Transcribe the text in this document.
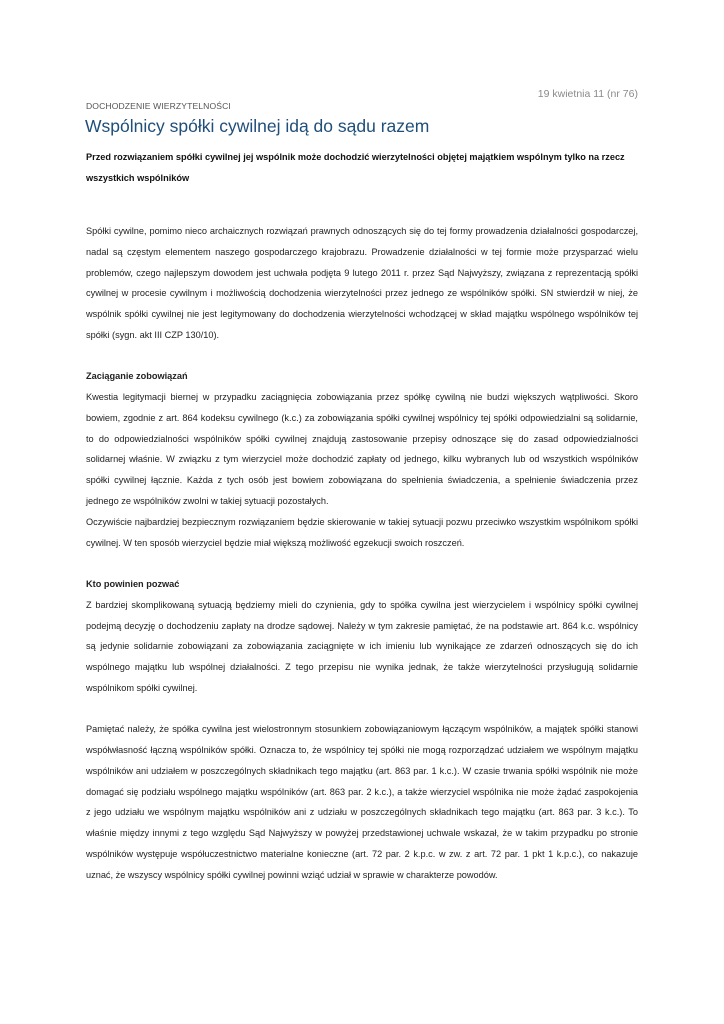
19 kwietnia 11 (nr 76)
DOCHODZENIE WIERZYTELNOŚCI
Wspólnicy spółki cywilnej idą do sądu razem

Przed rozwiązaniem spółki cywilnej jej wspólnik może dochodzić wierzytelności objętej majątkiem wspólnym tylko na rzecz wszystkich wspólników

Spółki cywilne, pomimo nieco archaicznych rozwiązań prawnych odnoszących się do tej formy prowadzenia działalności gospodarczej, nadal są częstym elementem naszego gospodarczego krajobrazu. Prowadzenie działalności w tej formie może przysparzać wielu problemów, czego najlepszym dowodem jest uchwała podjęta 9 lutego 2011 r. przez Sąd Najwyższy, związana z reprezentacją spółki cywilnej w procesie cywilnym i możliwością dochodzenia wierzytelności przez jednego ze wspólników spółki. SN stwierdził w niej, że wspólnik spółki cywilnej nie jest legitymowany do dochodzenia wierzytelności wchodzącej w skład majątku wspólnego wspólników tej spółki (sygn. akt III CZP 130/10).

Zaciąganie zobowiązań

Kwestia legitymacji biernej w przypadku zaciągnięcia zobowiązania przez spółkę cywilną nie budzi większych wątpliwości. Skoro bowiem, zgodnie z art. 864 kodeksu cywilnego (k.c.) za zobowiązania spółki cywilnej wspólnicy tej spółki odpowiedzialni są solidarnie, to do odpowiedzialności wspólników spółki cywilnej znajdują zastosowanie przepisy odnoszące się do zasad odpowiedzialności solidarnej właśnie. W związku z tym wierzyciel może dochodzić zapłaty od jednego, kilku wybranych lub od wszystkich wspólników spółki cywilnej łącznie. Każda z tych osób jest bowiem zobowiązana do spełnienia świadczenia, a spełnienie świadczenia przez jednego ze wspólników zwolni w takiej sytuacji pozostałych.

Oczywiście najbardziej bezpiecznym rozwiązaniem będzie skierowanie w takiej sytuacji pozwu przeciwko wszystkim wspólnikom spółki cywilnej. W ten sposób wierzyciel będzie miał większą możliwość egzekucji swoich roszczeń.

Kto powinien pozwać

Z bardziej skomplikowaną sytuacją będziemy mieli do czynienia, gdy to spółka cywilna jest wierzycielem i wspólnicy spółki cywilnej podejmą decyzję o dochodzeniu zapłaty na drodze sądowej. Należy w tym zakresie pamiętać, że na podstawie art. 864 k.c. wspólnicy są jedynie solidarnie zobowiązani za zobowiązania zaciągnięte w ich imieniu lub wynikające ze zdarzeń odnoszących się do ich wspólnego majątku lub wspólnej działalności. Z tego przepisu nie wynika jednak, że także wierzytelności przysługują solidarnie wspólnikom spółki cywilnej.

Pamiętać należy, że spółka cywilna jest wielostronnym stosunkiem zobowiązaniowym łączącym wspólników, a majątek spółki stanowi współwłasność łączną wspólników spółki. Oznacza to, że wspólnicy tej spółki nie mogą rozporządzać udziałem we wspólnym majątku wspólników ani udziałem w poszczególnych składnikach tego majątku (art. 863 par. 1 k.c.). W czasie trwania spółki wspólnik nie może domagać się podziału wspólnego majątku wspólników (art. 863 par. 2 k.c.), a także wierzyciel wspólnika nie może żądać zaspokojenia z jego udziału we wspólnym majątku wspólników ani z udziału w poszczególnych składnikach tego majątku (art. 863 par. 3 k.c.). To właśnie między innymi z tego względu Sąd Najwyższy w powyżej przedstawionej uchwale wskazał, że w takim przypadku po stronie wspólników występuje współuczestnictwo materialne konieczne (art. 72 par. 2 k.p.c. w zw. z art. 72 par. 1 pkt 1 k.p.c.), co nakazuje uznać, że wszyscy wspólnicy spółki cywilnej powinni wziąć udział w sprawie w charakterze powodów.
